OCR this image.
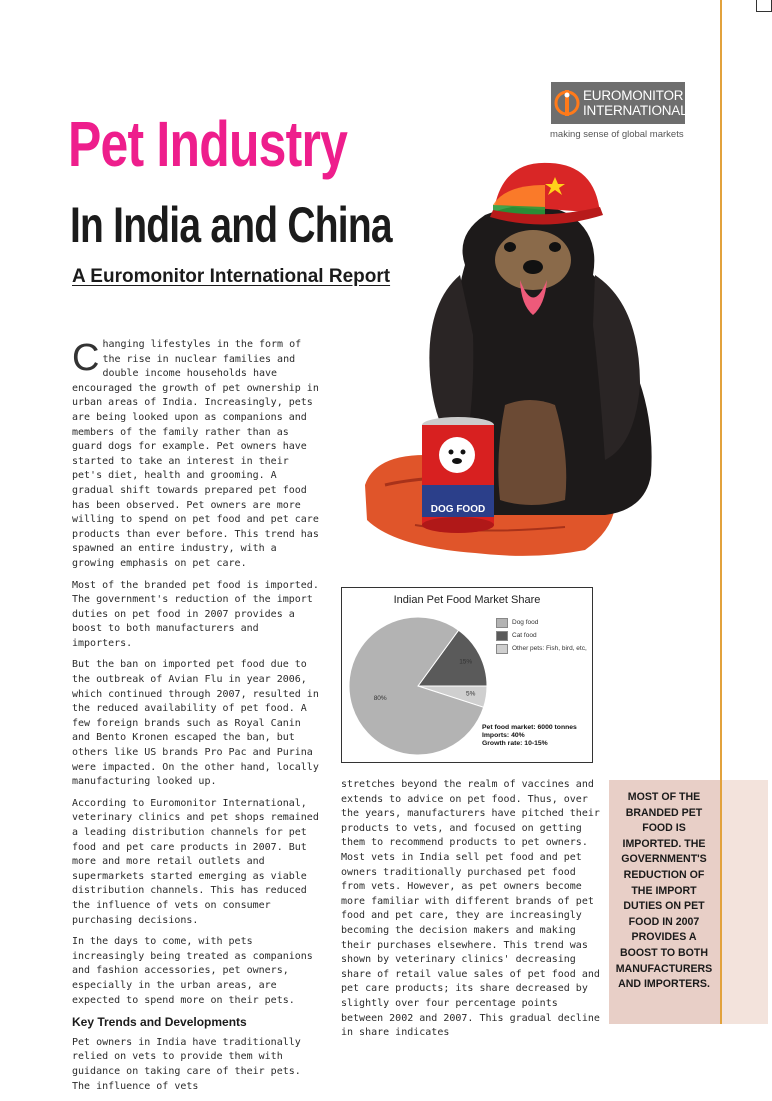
EUROMONITOR
INTERNATIONAL
making sense of global markets
Pet Industry
In India and China
A Euromonitor International Report
DOG FOOD

Changing lifestyles in the form of the rise in nuclear families and double income households have encouraged the growth of pet ownership in urban areas of India. Increasingly, pets are being looked upon as companions and members of the family rather than as guard dogs for example. Pet owners have started to take an interest in their pet's diet, health and grooming. A gradual shift towards prepared pet food has been observed. Pet owners are more willing to spend on pet food and pet care products than ever before. This trend has spawned an entire industry, with a growing emphasis on pet care.

Most of the branded pet food is imported. The government's reduction of the import duties on pet food in 2007 provides a boost to both manufacturers and importers.

But the ban on imported pet food due to the outbreak of Avian Flu in year 2006, which continued through 2007, resulted in the reduced availability of pet food. A few foreign brands such as Royal Canin and Bento Kronen escaped the ban, but others like US brands Pro Pac and Purina were impacted. On the other hand, locally manufacturing looked up.

According to Euromonitor International, veterinary clinics and pet shops remained a leading distribution channels for pet food and pet care products in 2007. But more and more retail outlets and supermarkets started emerging as viable distribution channels. This has reduced the influence of vets on consumer purchasing decisions.

In the days to come, with pets increasingly being treated as companions and fashion accessories, pet owners, especially in the urban areas, are expected to spend more on their pets.

Key Trends and Developments

Pet owners in India have traditionally relied on vets to provide them with guidance on taking care of their pets. The influence of vets

Indian Pet Food Market Share
15%
5%
80%
Dog food
Cat food
Other pets: Fish, bird, etc,
Pet food market: 6000 tonnes
Imports: 40%
Growth rate: 10-15%

stretches beyond the realm of vaccines and extends to advice on pet food. Thus, over the years, manufacturers have pitched their products to vets, and focused on getting them to recommend products to pet owners. Most vets in India sell pet food and pet owners traditionally purchased pet food from vets. However, as pet owners become more familiar with different brands of pet food and pet care, they are increasingly becoming the decision makers and making their purchases elsewhere. This trend was shown by veterinary clinics' decreasing share of retail value sales of pet food and pet care products; its share decreased by slightly over four percentage points between 2002 and 2007. This gradual decline in share indicates

MOST OF THE BRANDED PET FOOD IS IMPORTED. THE GOVERNMENT'S REDUCTION OF THE IMPORT DUTIES ON PET FOOD IN 2007 PROVIDES A BOOST TO BOTH MANUFACTURERS AND IMPORTERS.
